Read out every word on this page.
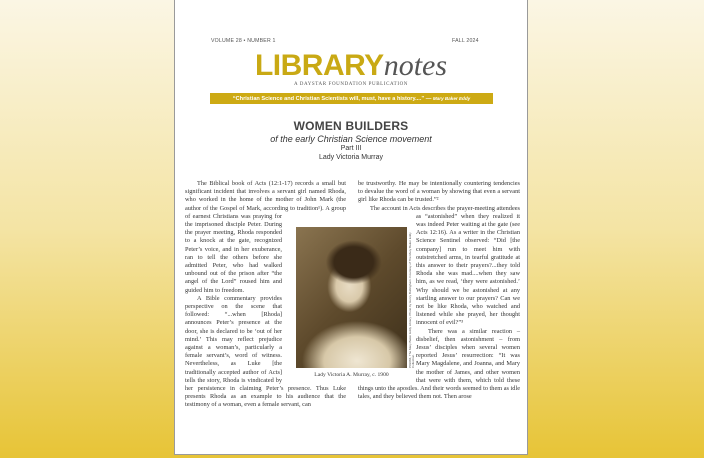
VOLUME 28 • NUMBER 1	FALL 2024
LIBRARYnotes
A DAYSTAR FOUNDATION PUBLICATION
“Christian Science and Christian Scientists will, must, have a history....” — Mary Baker Eddy
WOMEN BUILDERS
of the early Christian Science movement
Part III
Lady Victoria Murray

The Biblical book of Acts (12:1-17) records a small but significant incident that involves a servant girl named Rhoda, who worked in the home of the mother of John Mark (the author of the Gospel of Mark, according to tradition¹). A group of earnest Christians was praying for the imprisoned disciple Peter. During the prayer meeting, Rhoda responded to a knock at the gate, recognized Peter’s voice, and in her exuberance, ran to tell the others before she admitted Peter, who had walked unbound out of the prison after “the angel of the Lord” roused him and guided him to freedom.

A Bible commentary provides perspective on the scene that followed: “...when [Rhoda] announces Peter’s presence at the door, she is declared to be ‘out of her mind.’ This may reflect prejudice against a woman’s, particularly a female servant’s, word of witness. Nevertheless, as Luke [the traditionally accepted author of Acts] tells the story, Rhoda is vindicated by her persistence in claiming Peter’s presence. Thus Luke presents Rhoda as an example to his audience that the testimony of a woman, even a female servant, can

be trustworthy. He may be intentionally countering tendencies to devalue the word of a woman by showing that even a servant girl like Rhoda can be trusted.”²

The account in Acts describes the prayer-meeting attendees as “astonished” when they realized it was indeed Peter waiting at the gate (see Acts 12:16). As a writer in the Christian Science Sentinel observed: “Did [the company] run to meet him with outstretched arms, in tearful gratitude at this answer to their prayers?...they told Rhoda she was mad....when they saw him, as we read, ‘they were astonished.’ Why should we be astonished at any startling answer to our prayers? Can we not be like Rhoda, who watched and listened while she prayed, her thought innocent of evil?”³

There was a similar reaction – disbelief, then astonishment – from Jesus’ disciples when several women reported Jesus’ resurrection: “It was Mary Magdalene, and Joanna, and Mary the mother of James, and other women that were with them, which told these things unto the apostles. And their words seemed to them as idle tales, and they believed them not. Then arose

P03084, The Mary Baker Eddy Library. Photo by Henry Bullingham. Courtesy of The Mary Baker Eddy Collection.
Lady Victoria A. Murray, c. 1900
